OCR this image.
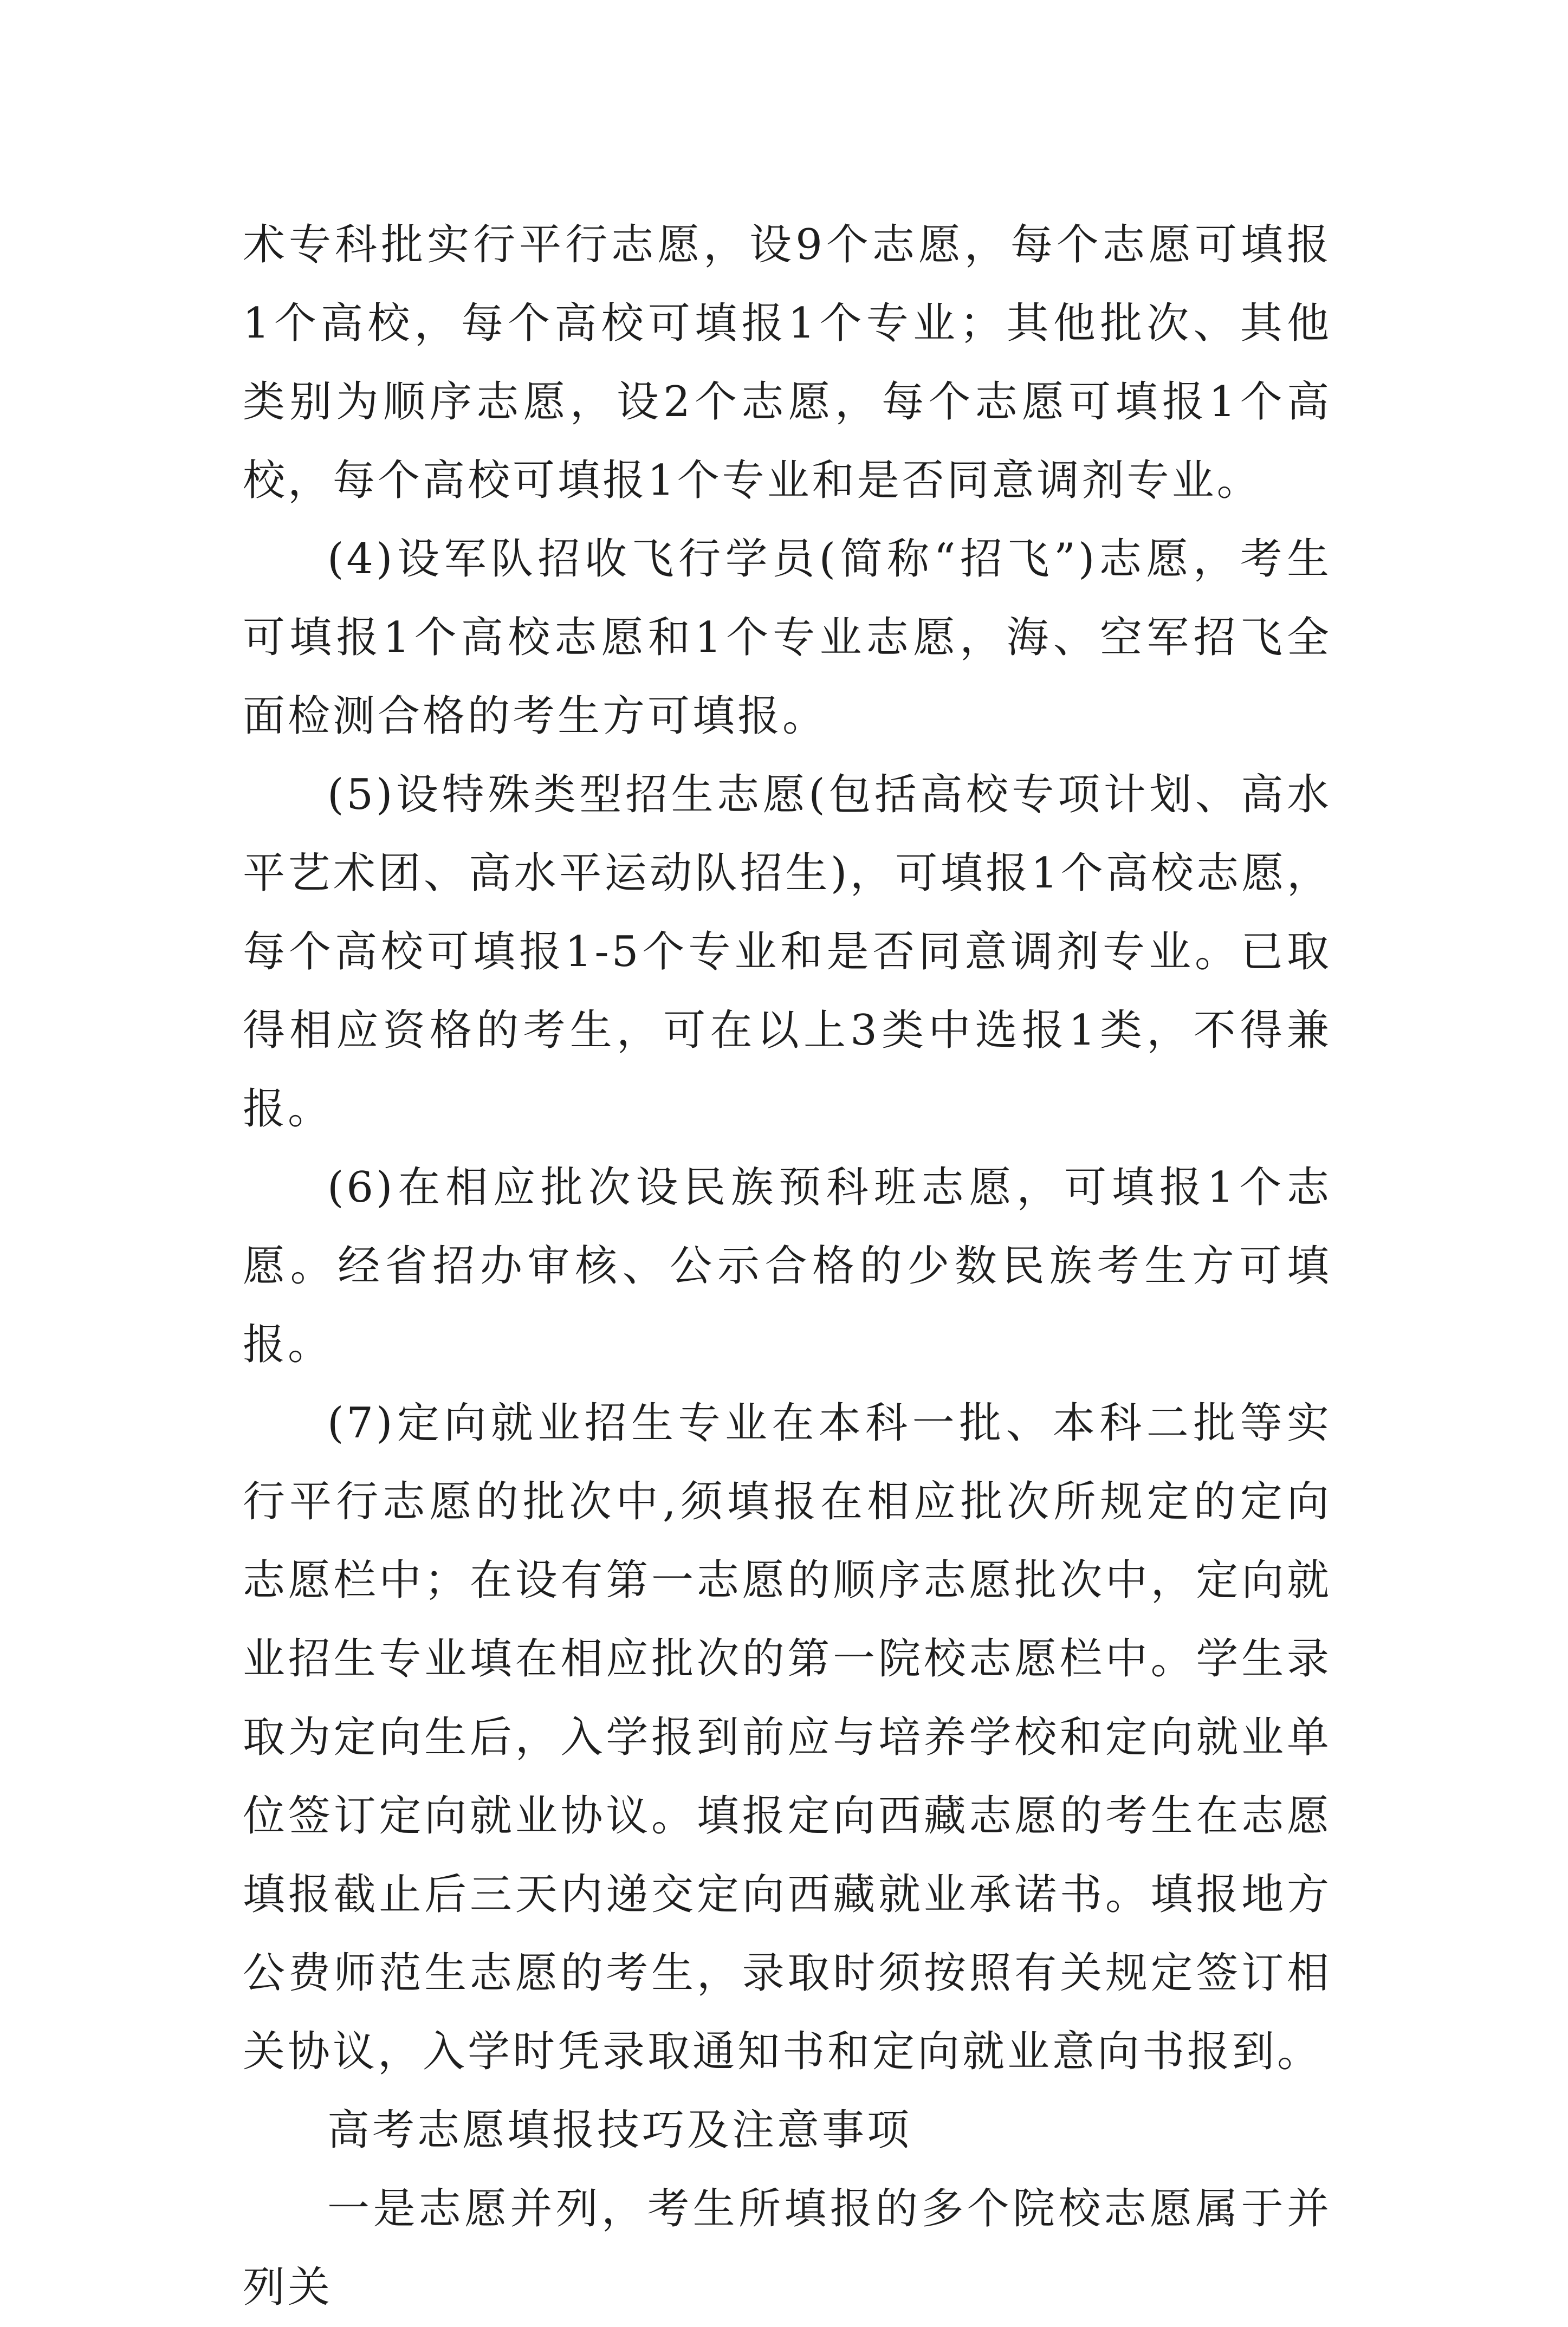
术专科批实行平行志愿，设9个志愿，每个志愿可填报1个高校，每个高校可填报1个专业；其他批次、其他类别为顺序志愿，设2个志愿，每个志愿可填报1个高校，每个高校可填报1个专业和是否同意调剂专业。

(4)设军队招收飞行学员(简称“招飞”)志愿，考生可填报1个高校志愿和1个专业志愿，海、空军招飞全面检测合格的考生方可填报。

(5)设特殊类型招生志愿(包括高校专项计划、高水平艺术团、高水平运动队招生)，可填报1个高校志愿，每个高校可填报1-5个专业和是否同意调剂专业。已取得相应资格的考生，可在以上3类中选报1类，不得兼报。

(6)在相应批次设民族预科班志愿，可填报1个志愿。经省招办审核、公示合格的少数民族考生方可填报。

(7)定向就业招生专业在本科一批、本科二批等实行平行志愿的批次中,须填报在相应批次所规定的定向志愿栏中；在设有第一志愿的顺序志愿批次中，定向就业招生专业填在相应批次的第一院校志愿栏中。学生录取为定向生后，入学报到前应与培养学校和定向就业单位签订定向就业协议。填报定向西藏志愿的考生在志愿填报截止后三天内递交定向西藏就业承诺书。填报地方公费师范生志愿的考生，录取时须按照有关规定签订相关协议，入学时凭录取通知书和定向就业意向书报到。

高考志愿填报技巧及注意事项

一是志愿并列，考生所填报的多个院校志愿属于并列关
